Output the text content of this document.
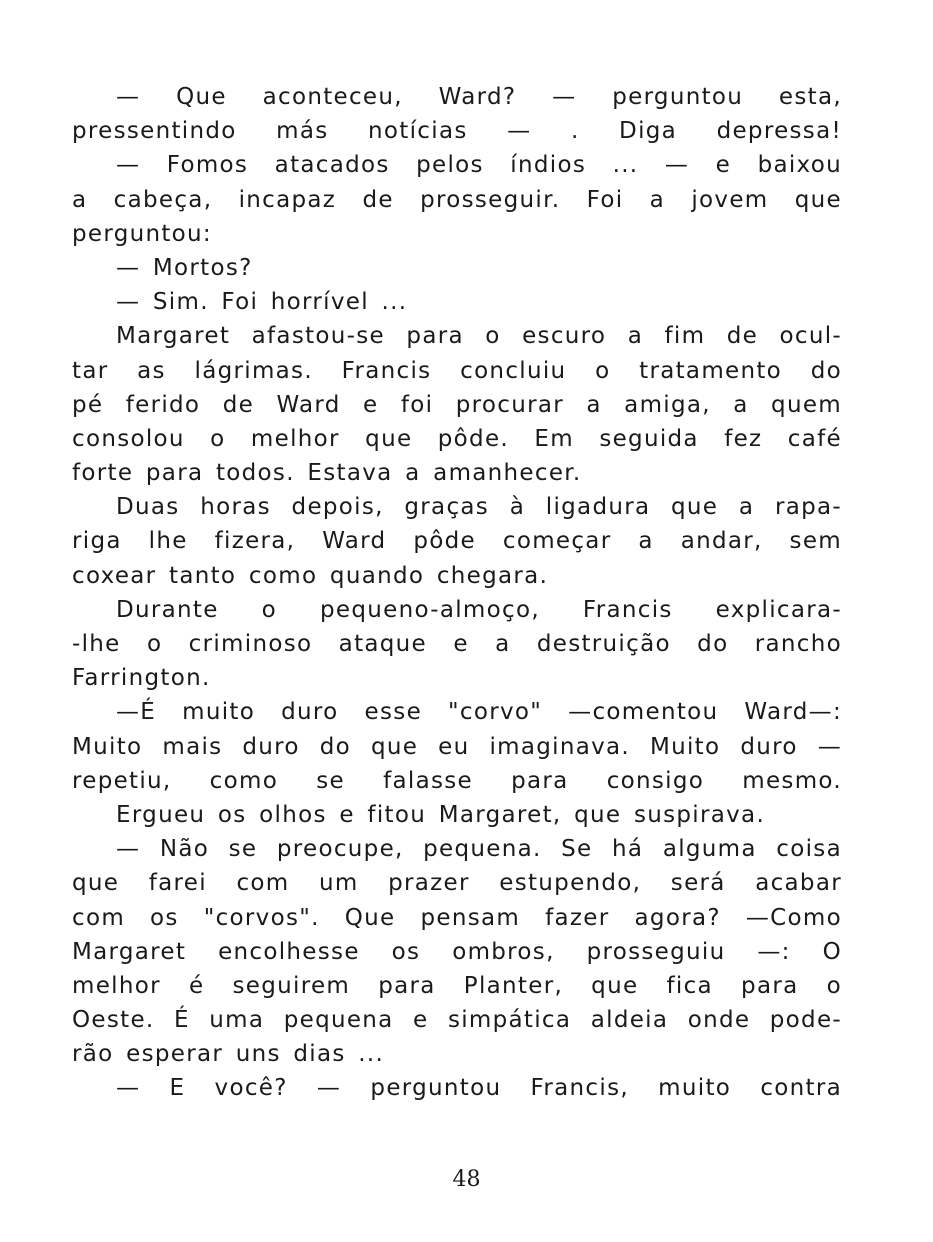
— Que aconteceu, Ward? — perguntou esta,
pressentindo más notícias — . Diga depressa!
— Fomos atacados pelos índios ... — e baixou
a cabeça, incapaz de prosseguir. Foi a jovem que
perguntou:
— Mortos?
— Sim. Foi horrível ...
Margaret afastou-se para o escuro a fim de ocul-
tar as lágrimas. Francis concluiu o tratamento do
pé ferido de Ward e foi procurar a amiga, a quem
consolou o melhor que pôde. Em seguida fez café
forte para todos. Estava a amanhecer.
Duas horas depois, graças à ligadura que a rapa-
riga lhe fizera, Ward pôde começar a andar, sem
coxear tanto como quando chegara.
Durante o pequeno-almoço, Francis explicara-
-lhe o criminoso ataque e a destruição do rancho
Farrington.
—É muito duro esse "corvo" —comentou Ward—:
Muito mais duro do que eu imaginava. Muito duro —
repetiu, como se falasse para consigo mesmo.
Ergueu os olhos e fitou Margaret, que suspirava.
— Não se preocupe, pequena. Se há alguma coisa
que farei com um prazer estupendo, será acabar
com os "corvos". Que pensam fazer agora? —Como
Margaret encolhesse os ombros, prosseguiu —: O
melhor é seguirem para Planter, que fica para o
Oeste. É uma pequena e simpática aldeia onde pode-
rão esperar uns dias ...
— E você? — perguntou Francis, muito contra
48
